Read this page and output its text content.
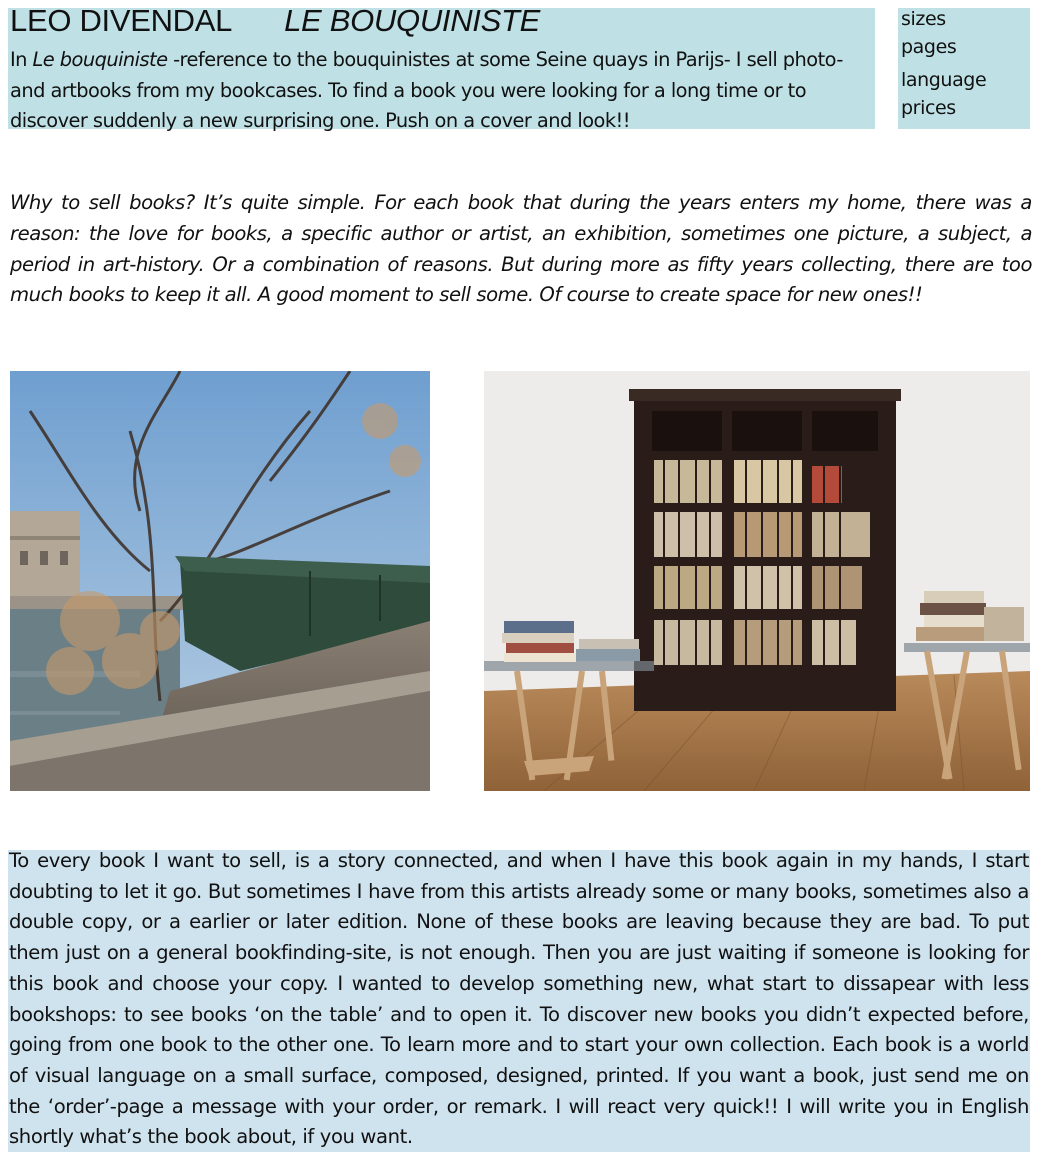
LEO DIVENDAL LE BOUQUINISTE

In Le bouquiniste -reference to the bouquinistes at some Seine quays in Parijs- I sell photo- and artbooks from my bookcases. To find a book you were looking for a long time or to discover suddenly a new surprising one. Push on a cover and look!!

sizes
pages
language
prices

Why to sell books? It’s quite simple. For each book that during the years enters my home, there was a reason: the love for books, a specific author or artist, an exhibition, sometimes one picture, a subject, a period in art-history. Or a combination of reasons. But during more as fifty years collecting, there are too much books to keep it all. A good moment to sell some. Of course to create space for new ones!!

To every book I want to sell, is a story connected, and when I have this book again in my hands, I start doubting to let it go. But sometimes I have from this artists already some or many books, sometimes also a double copy, or a earlier or later edition. None of these books are leaving because they are bad. To put them just on a general bookfinding-site, is not enough. Then you are just waiting if someone is looking for this book and choose your copy. I wanted to develop something new, what start to dissapear with less bookshops: to see books ‘on the table’ and to open it. To discover new books you didn’t expected before, going from one book to the other one. To learn more and to start your own collection. Each book is a world of visual language on a small surface, composed, designed, printed. If you want a book, just send me on the ‘order’-page a message with your order, or remark. I will react very quick!! I will write you in English shortly what’s the book about, if you want.
